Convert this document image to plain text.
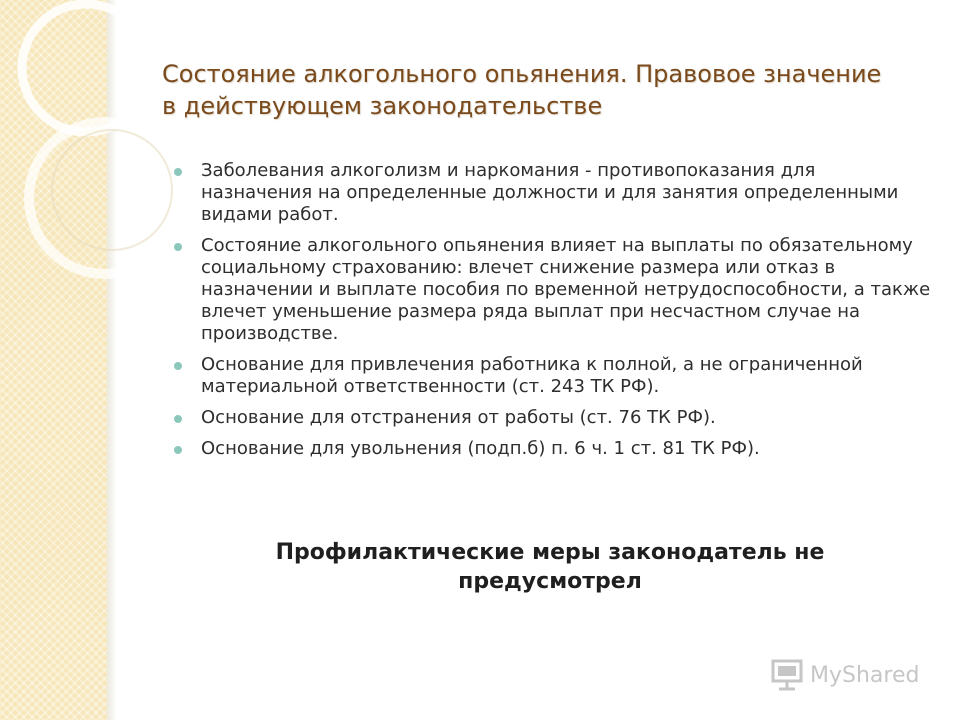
Состояние алкогольного опьянения. Правовое значение в действующем законодательстве
Заболевания алкоголизм и наркомания - противопоказания для назначения на определенные должности и для занятия определенными видами работ.
Состояние алкогольного опьянения влияет на выплаты по обязательному социальному страхованию: влечет снижение размера или отказ в назначении и выплате пособия по временной нетрудоспособности, а также влечет уменьшение размера ряда выплат при несчастном случае на производстве.
Основание для привлечения работника к полной, а не ограниченной материальной ответственности (ст. 243 ТК РФ).
Основание для отстранения от работы (ст. 76 ТК РФ).
Основание для увольнения (подп.б) п. 6 ч. 1 ст. 81 ТК РФ).

Профилактические меры законодатель не предусмотрел

MyShared
